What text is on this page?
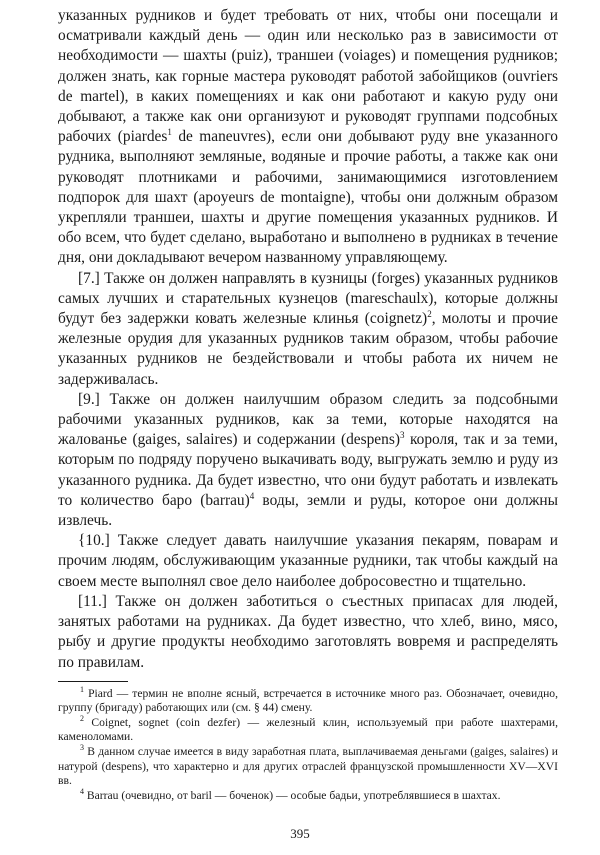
указанных рудников и будет требовать от них, чтобы они посещали и осматривали каждый день — один или несколько раз в зависимости от необходимости — шахты (puiz), траншеи (voiages) и помещения рудников; должен знать, как горные мастера руководят работой забойщиков (ouvriers de martel), в каких помещениях и как они работают и какую руду они добывают, а также как они организуют и руководят группами подсобных рабочих (piardes$^1$ de maneuvres), если они добывают руду вне указанного рудника, выполняют земляные, водяные и прочие работы, а также как они руководят плотниками и рабочими, занимающимися изготовлением подпорок для шахт (apoyeurs de montaigne), чтобы они должным образом укрепляли траншеи, шахты и другие помещения указанных рудников. И обо всем, что будет сделано, выработано и выполнено в рудниках в течение дня, они докладывают вечером названному управляющему.

[7.] Также он должен направлять в кузницы (forges) указанных рудников самых лучших и старательных кузнецов (mareschaulx), которые должны будут без задержки ковать железные клинья (coignetz)$^2$, молоты и прочие железные орудия для указанных рудников таким образом, чтобы рабочие указанных рудников не бездействовали и чтобы работа их ничем не задерживалась.

[9.] Также он должен наилучшим образом следить за подсобными рабочими указанных рудников, как за теми, которые находятся на жалованье (gaiges, salaires) и содержании (despens)$^3$ короля, так и за теми, которым по подряду поручено выкачивать воду, выгружать землю и руду из указанного рудника. Да будет известно, что они будут работать и извлекать то количество баро (barrau)$^4$ воды, земли и руды, которое они должны извлечь.

{10.] Также следует давать наилучшие указания пекарям, поварам и прочим людям, обслуживающим указанные рудники, так чтобы каждый на своем месте выполнял свое дело наиболее добросовестно и тщательно.

[11.] Также он должен заботиться о съестных припасах для людей, занятых работами на рудниках. Да будет известно, что хлеб, вино, мясо, рыбу и другие продукты необходимо заготовлять вовремя и распределять по правилам.

$^1$ Piard — термин не вполне ясный, встречается в источнике много раз. Обозначает, очевидно, группу (бригаду) работающих или (см. § 44) смену.

$^2$ Coignet, sognet (coin dezfer) — железный клин, используемый при работе шахтерами, каменоломами.

$^3$ В данном случае имеется в виду заработная плата, выплачиваемая деньгами (gaiges, salaires) и натурой (despens), что характерно и для других отраслей французской промышленности XV—XVI вв.

$^4$ Barrau (очевидно, от baril — боченок) — особые бадьи, употреблявшиеся в шахтах.

395
